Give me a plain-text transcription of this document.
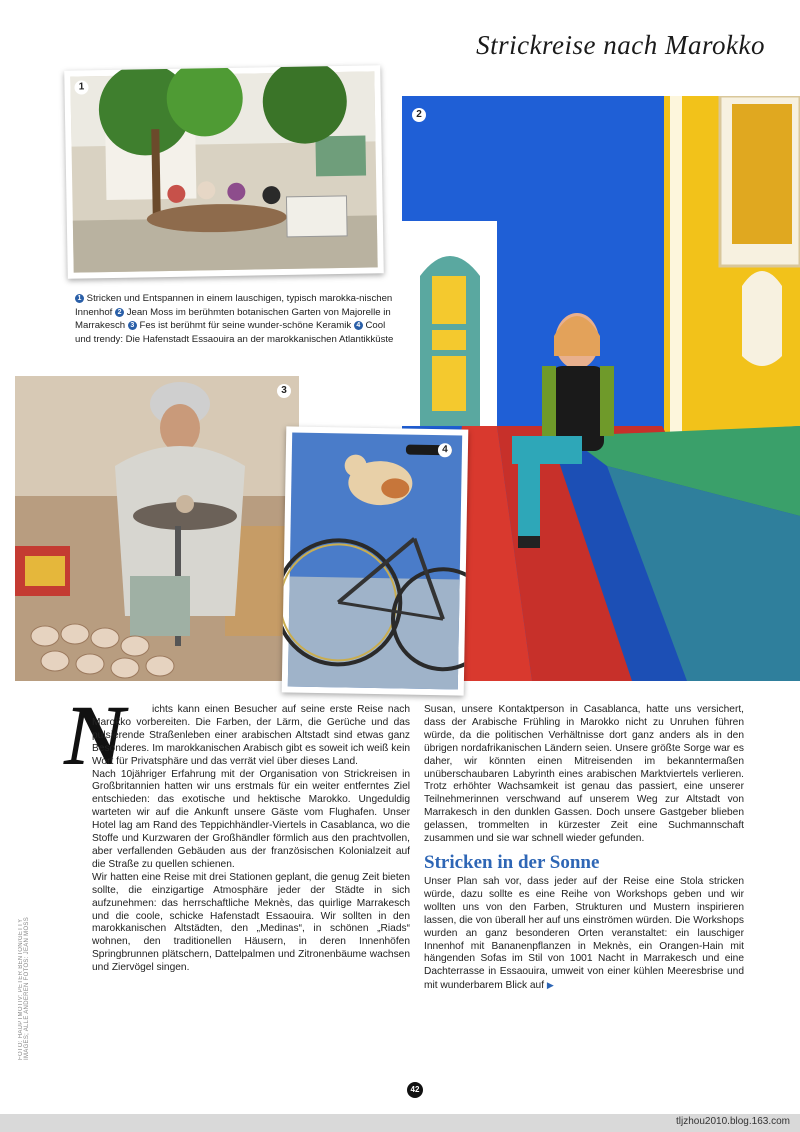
Strickreise nach Marokko
1
2
3
4
1 Stricken und Entspannen in einem lauschigen, typisch marokka-nischen Innenhof 2 Jean Moss im berühmten botanischen Garten von Majorelle in Marrakesch 3 Fes ist berühmt für seine wunder-schöne Keramik 4 Cool und trendy: Die Hafenstadt Essaouira an der marokkanischen Atlantikküste
N	ichts kann einen Besucher auf seine erste Reise nach Marokko vorbereiten. Die Farben, der Lärm, die Gerüche und das pulsierende Straßenleben einer arabischen Altstadt sind etwas ganz Besonderes. Im marokkanischen Arabisch gibt es soweit ich weiß kein Wort für Privatsphäre und das verrät viel über dieses Land.

Nach 10jähriger Erfahrung mit der Organisation von Strickreisen in Großbritannien hatten wir uns erstmals für ein weiter entferntes Ziel entschieden: das exotische und hektische Marokko. Ungeduldig warteten wir auf die Ankunft unsere Gäste vom Flughafen. Unser Hotel lag am Rand des Teppichhändler-Viertels in Casablanca, wo die Stoffe und Kurzwaren der Großhändler förmlich aus den prachtvollen, aber verfallenden Gebäuden aus der französischen Kolonialzeit auf die Straße zu quellen schienen.

Wir hatten eine Reise mit drei Stationen geplant, die genug Zeit bieten sollte, die einzigartige Atmosphäre jeder der Städte in sich aufzunehmen: das herrschaftliche Meknès, das quirlige Marrakesch und die coole, schicke Hafenstadt Essaouira. Wir sollten in den marokkanischen Altstädten, den „Medinas“, in schönen „Riads“ wohnen, den traditionellen Häusern, in deren Innenhöfen Springbrunnen plätschern, Dattelpalmen und Zitronenbäume wachsen und Ziervögel singen.

Susan, unsere Kontaktperson in Casablanca, hatte uns versichert, dass der Arabische Frühling in Marokko nicht zu Unruhen führen würde, da die politischen Verhältnisse dort ganz anders als in den übrigen nordafrikanischen Ländern seien. Unsere größte Sorge war es daher, wir könnten einen Mitreisenden im bekanntermaßen unüberschaubaren Labyrinth eines arabischen Marktviertels verlieren. Trotz erhöhter Wachsamkeit ist genau das passiert, eine unserer Teilnehmerinnen verschwand auf unserem Weg zur Altstadt von Marrakesch in den dunklen Gassen. Doch unsere Gastgeber blieben gelassen, trommelten in kürzester Zeit eine Suchmannschaft zusammen und sie war schnell wieder gefunden.

Stricken in der Sonne

Unser Plan sah vor, dass jeder auf der Reise eine Stola stricken würde, dazu sollte es eine Reihe von Workshops geben und wir wollten uns von den Farben, Strukturen und Mustern inspirieren lassen, die von überall her auf uns einströmen würden. Die Workshops wurden an ganz besonderen Orten veranstaltet: ein lauschiger Innenhof mit Bananenpflanzen in Meknès, ein Orangen-Hain mit hängenden Sofas im Stil von 1001 Nacht in Marrakesch und eine Dachterrasse in Essaouira, umweit von einer kühlen Meeresbrise und mit wunderbarem Blick auf ▶

FOTO: HAUPTMOTIV: PETER BENTON/GETTY IMAGES; ALLE ANDEREN FOTOS: JEAN MOSS
42
tljzhou2010.blog.163.com
